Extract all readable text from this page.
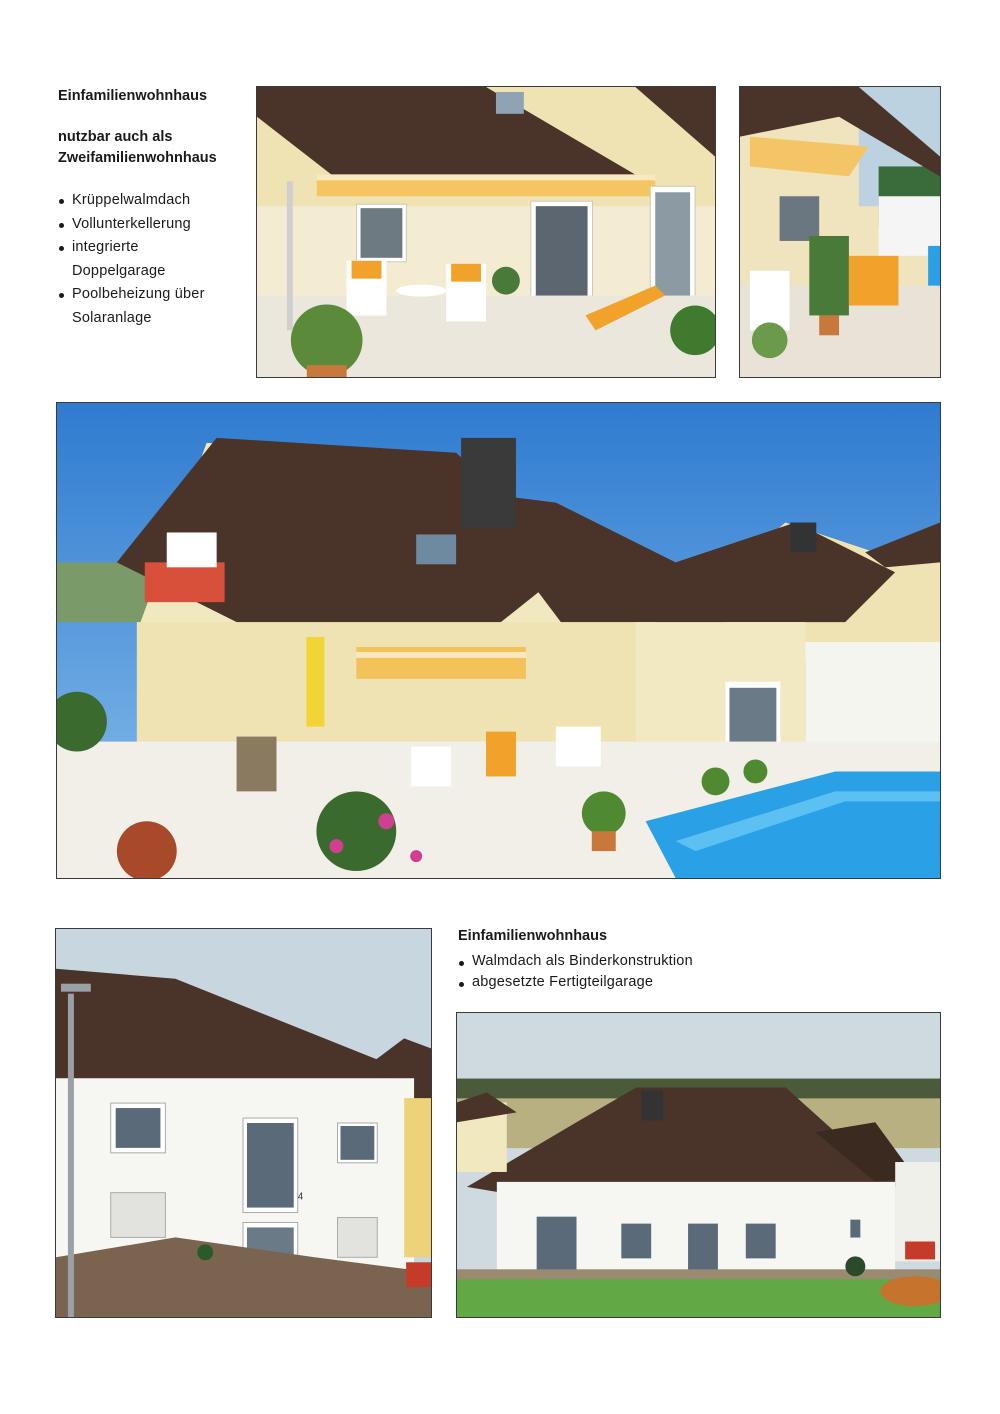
Einfamilienwohnhaus

nutzbar auch als

Zweifamilienwohnhaus

Krüppelwalmdach
Vollunterkellerung
integrierte
Doppelgarage
Poolbeheizung über
Solaranlage
4

Einfamilienwohnhaus

Walmdach als Binderkonstruktion
abgesetzte Fertigteilgarage
